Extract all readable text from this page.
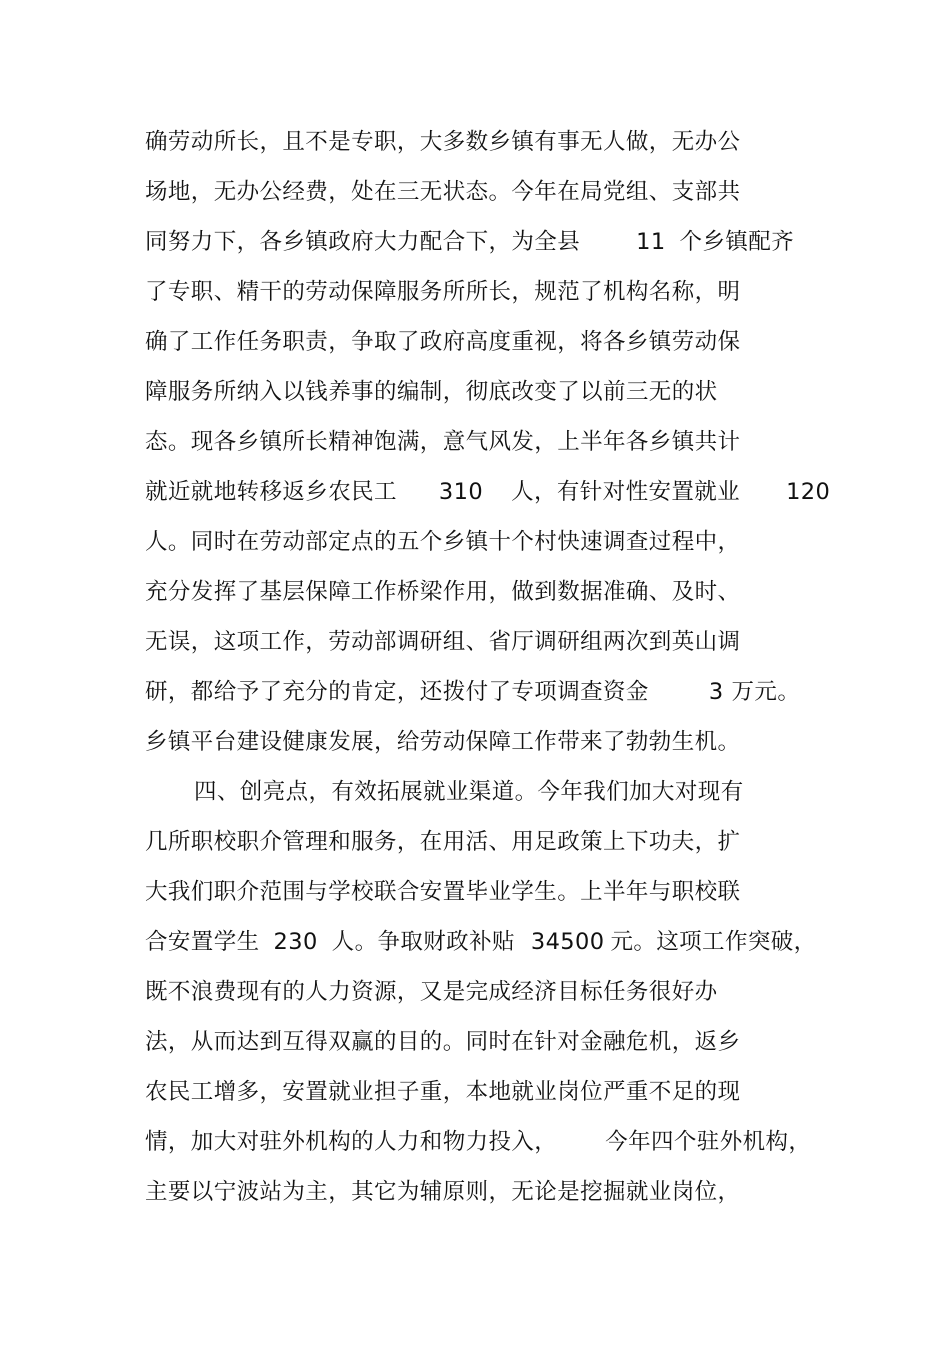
确劳动所长，且不是专职，大多数乡镇有事无人做，无办公
场地，无办公经费，处在三无状态。今年在局党组、支部共
同努力下，各乡镇政府大力配合下，为全县 11 个乡镇配齐
了专职、精干的劳动保障服务所所长，规范了机构名称，明
确了工作任务职责，争取了政府高度重视，将各乡镇劳动保
障服务所纳入以钱养事的编制，彻底改变了以前三无的状
态。现各乡镇所长精神饱满，意气风发，上半年各乡镇共计
就近就地转移返乡农民工 310 人，有针对性安置就业 120
人。同时在劳动部定点的五个乡镇十个村快速调查过程中，
充分发挥了基层保障工作桥梁作用，做到数据准确、及时、
无误，这项工作，劳动部调研组、省厅调研组两次到英山调
研，都给予了充分的肯定，还拨付了专项调查资金	3 万元。
乡镇平台建设健康发展，给劳动保障工作带来了勃勃生机。
四、创亮点，有效拓展就业渠道。今年我们加大对现有
几所职校职介管理和服务，在用活、用足政策上下功夫，扩
大我们职介范围与学校联合安置毕业学生。上半年与职校联
合安置学生 230 人。争取财政补贴 34500 元。这项工作突破，
既不浪费现有的人力资源，又是完成经济目标任务很好办
法，从而达到互得双赢的目的。同时在针对金融危机，返乡
农民工增多，安置就业担子重，本地就业岗位严重不足的现
情，加大对驻外机构的人力和物力投入， 今年四个驻外机构，
主要以宁波站为主，其它为辅原则，无论是挖掘就业岗位，
